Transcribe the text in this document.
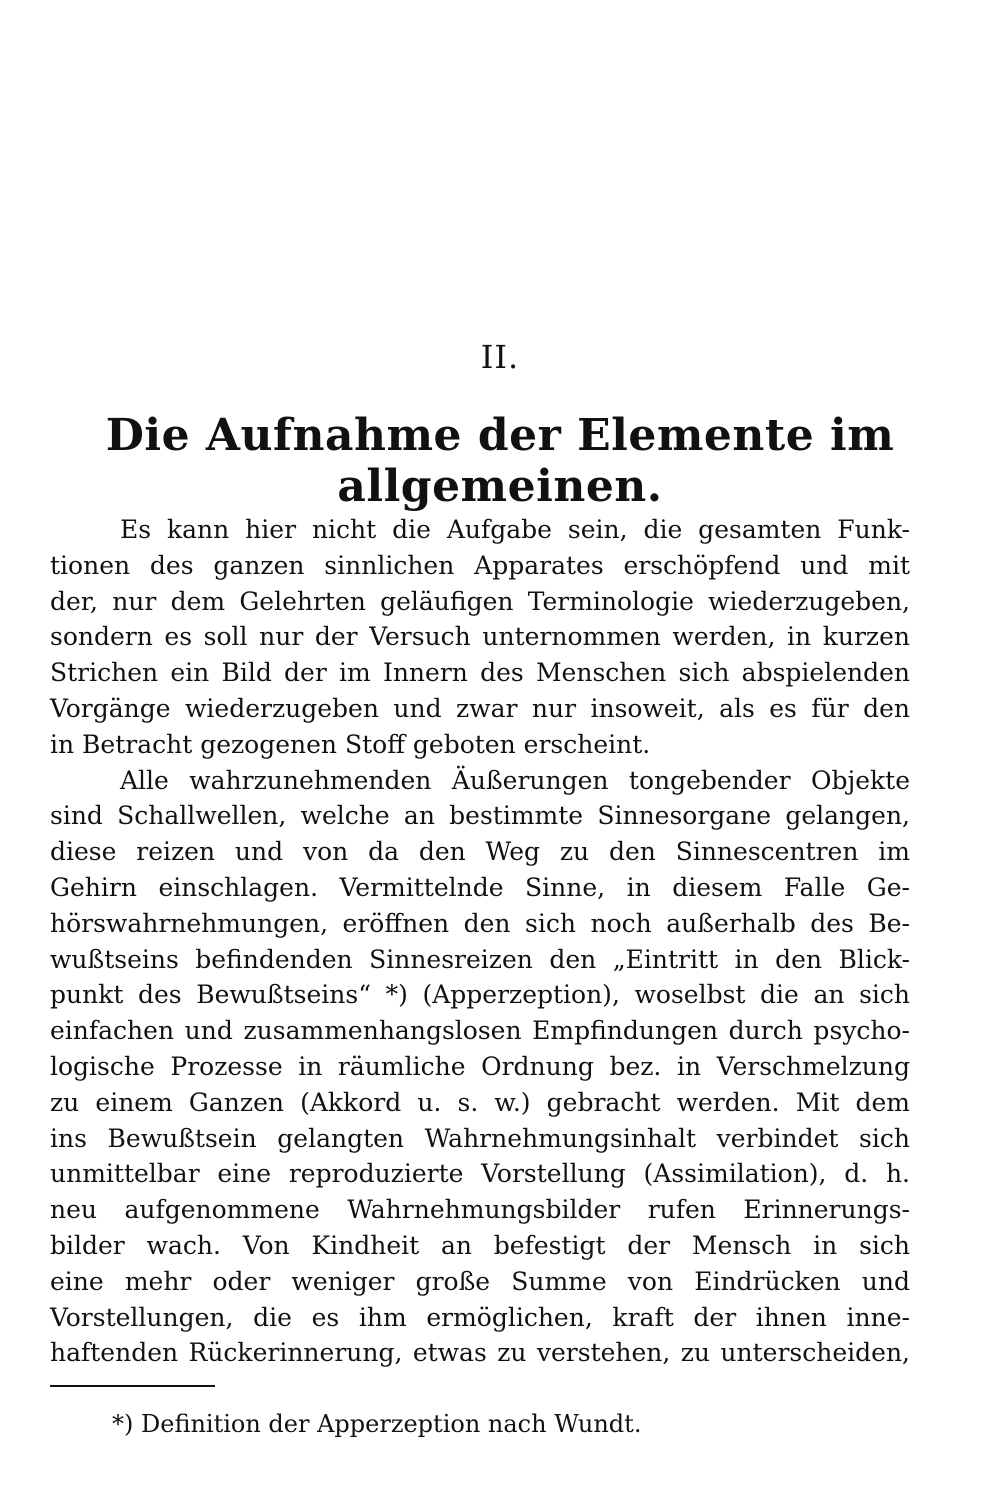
II.
Die Aufnahme der Elemente im allgemeinen.
Es kann hier nicht die Aufgabe sein, die gesamten Funk-
tionen des ganzen sinnlichen Apparates erschöpfend und mit
der, nur dem Gelehrten geläufigen Terminologie wiederzugeben,
sondern es soll nur der Versuch unternommen werden, in kurzen
Strichen ein Bild der im Innern des Menschen sich abspielenden
Vorgänge wiederzugeben und zwar nur insoweit, als es für den
in Betracht gezogenen Stoff geboten erscheint.
Alle wahrzunehmenden Äußerungen tongebender Objekte
sind Schallwellen, welche an bestimmte Sinnesorgane gelangen,
diese reizen und von da den Weg zu den Sinnescentren im
Gehirn einschlagen. Vermittelnde Sinne, in diesem Falle Ge-
hörswahrnehmungen, eröffnen den sich noch außerhalb des Be-
wußtseins befindenden Sinnesreizen den „Eintritt in den Blick-
punkt des Bewußtseins“ *) (Apperzeption), woselbst die an sich
einfachen und zusammenhangslosen Empfindungen durch psycho-
logische Prozesse in räumliche Ordnung bez. in Verschmelzung
zu einem Ganzen (Akkord u. s. w.) gebracht werden. Mit dem
ins Bewußtsein gelangten Wahrnehmungsinhalt verbindet sich
unmittelbar eine reproduzierte Vorstellung (Assimilation), d. h.
neu aufgenommene Wahrnehmungsbilder rufen Erinnerungs-
bilder wach. Von Kindheit an befestigt der Mensch in sich
eine mehr oder weniger große Summe von Eindrücken und
Vorstellungen, die es ihm ermöglichen, kraft der ihnen inne-
haftenden Rückerinnerung, etwas zu verstehen, zu unterscheiden,
*) Definition der Apperzeption nach Wundt.
